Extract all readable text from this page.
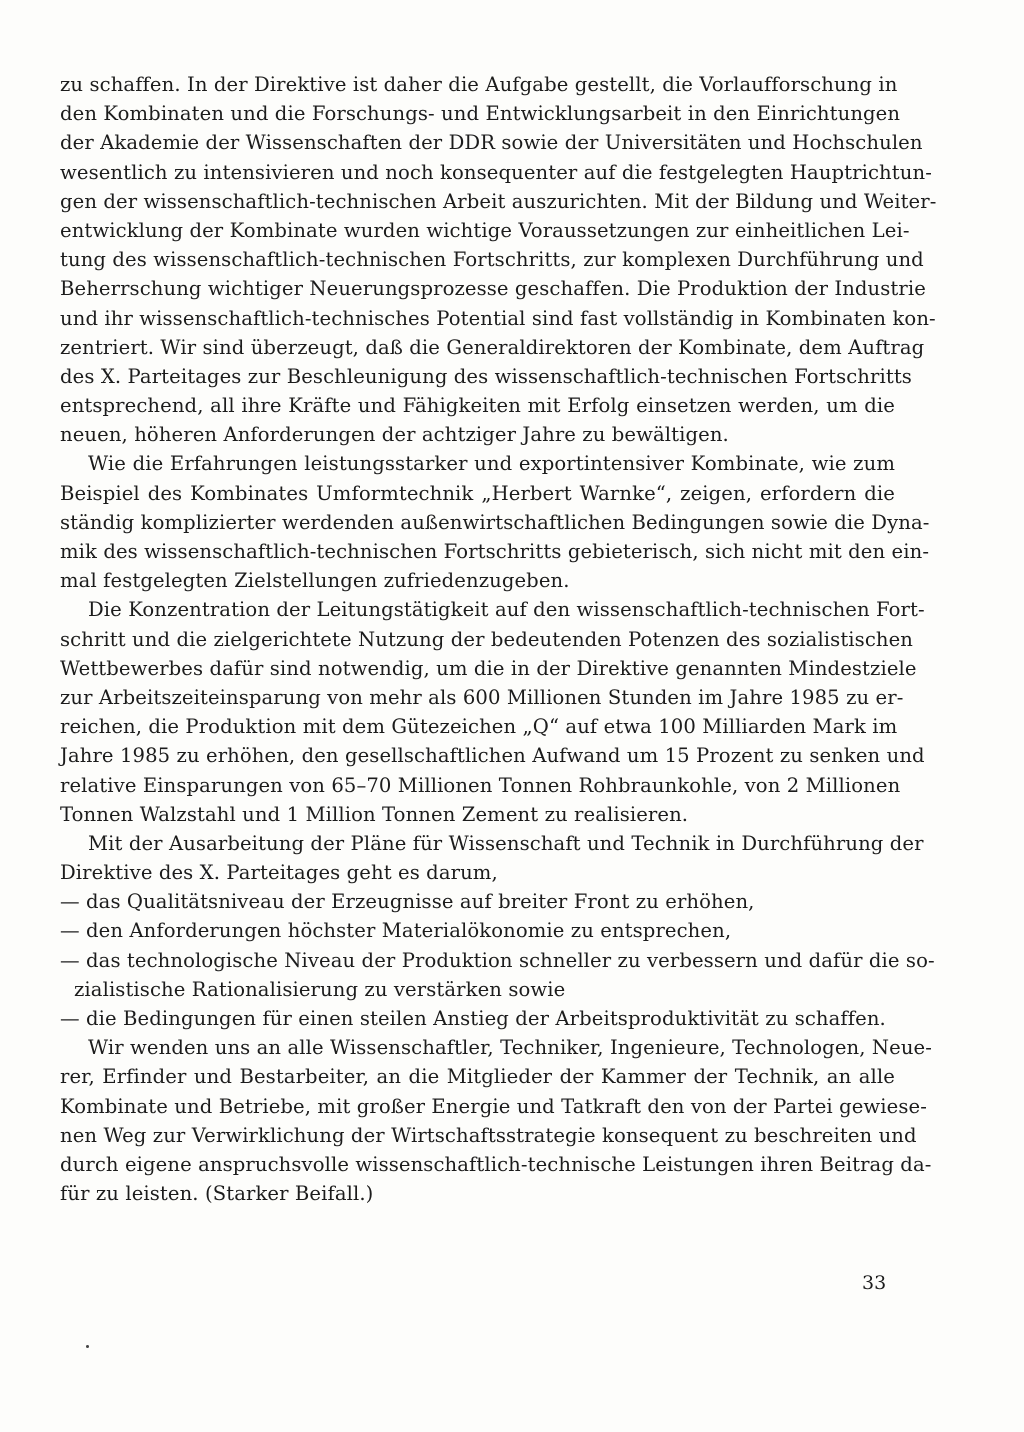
zu schaffen. In der Direktive ist daher die Aufgabe gestellt, die Vorlaufforschung in
den Kombinaten und die Forschungs- und Entwicklungsarbeit in den Einrichtungen
der Akademie der Wissenschaften der DDR sowie der Universitäten und Hochschulen
wesentlich zu intensivieren und noch konsequenter auf die festgelegten Hauptrichtun-
gen der wissenschaftlich-technischen Arbeit auszurichten. Mit der Bildung und Weiter-
entwicklung der Kombinate wurden wichtige Voraussetzungen zur einheitlichen Lei-
tung des wissenschaftlich-technischen Fortschritts, zur komplexen Durchführung und
Beherrschung wichtiger Neuerungsprozesse geschaffen. Die Produktion der Industrie
und ihr wissenschaftlich-technisches Potential sind fast vollständig in Kombinaten kon-
zentriert. Wir sind überzeugt, daß die Generaldirektoren der Kombinate, dem Auftrag
des X. Parteitages zur Beschleunigung des wissenschaftlich-technischen Fortschritts
entsprechend, all ihre Kräfte und Fähigkeiten mit Erfolg einsetzen werden, um die
neuen, höheren Anforderungen der achtziger Jahre zu bewältigen.
Wie die Erfahrungen leistungsstarker und exportintensiver Kombinate, wie zum
Beispiel des Kombinates Umformtechnik „Herbert Warnke“, zeigen, erfordern die
ständig komplizierter werdenden außenwirtschaftlichen Bedingungen sowie die Dyna-
mik des wissenschaftlich-technischen Fortschritts gebieterisch, sich nicht mit den ein-
mal festgelegten Zielstellungen zufriedenzugeben.
Die Konzentration der Leitungstätigkeit auf den wissenschaftlich-technischen Fort-
schritt und die zielgerichtete Nutzung der bedeutenden Potenzen des sozialistischen
Wettbewerbes dafür sind notwendig, um die in der Direktive genannten Mindestziele
zur Arbeitszeiteinsparung von mehr als 600 Millionen Stunden im Jahre 1985 zu er-
reichen, die Produktion mit dem Gütezeichen „Q“ auf etwa 100 Milliarden Mark im
Jahre 1985 zu erhöhen, den gesellschaftlichen Aufwand um 15 Prozent zu senken und
relative Einsparungen von 65–70 Millionen Tonnen Rohbraunkohle, von 2 Millionen
Tonnen Walzstahl und 1 Million Tonnen Zement zu realisieren.
Mit der Ausarbeitung der Pläne für Wissenschaft und Technik in Durchführung der
Direktive des X. Parteitages geht es darum,
— das Qualitätsniveau der Erzeugnisse auf breiter Front zu erhöhen,
— den Anforderungen höchster Materialökonomie zu entsprechen,
— das technologische Niveau der Produktion schneller zu verbessern und dafür die so-
zialistische Rationalisierung zu verstärken sowie
— die Bedingungen für einen steilen Anstieg der Arbeitsproduktivität zu schaffen.
Wir wenden uns an alle Wissenschaftler, Techniker, Ingenieure, Technologen, Neue-
rer, Erfinder und Bestarbeiter, an die Mitglieder der Kammer der Technik, an alle
Kombinate und Betriebe, mit großer Energie und Tatkraft den von der Partei gewiese-
nen Weg zur Verwirklichung der Wirtschaftsstrategie konsequent zu beschreiten und
durch eigene anspruchsvolle wissenschaftlich-technische Leistungen ihren Beitrag da-
für zu leisten. (Starker Beifall.)
33
